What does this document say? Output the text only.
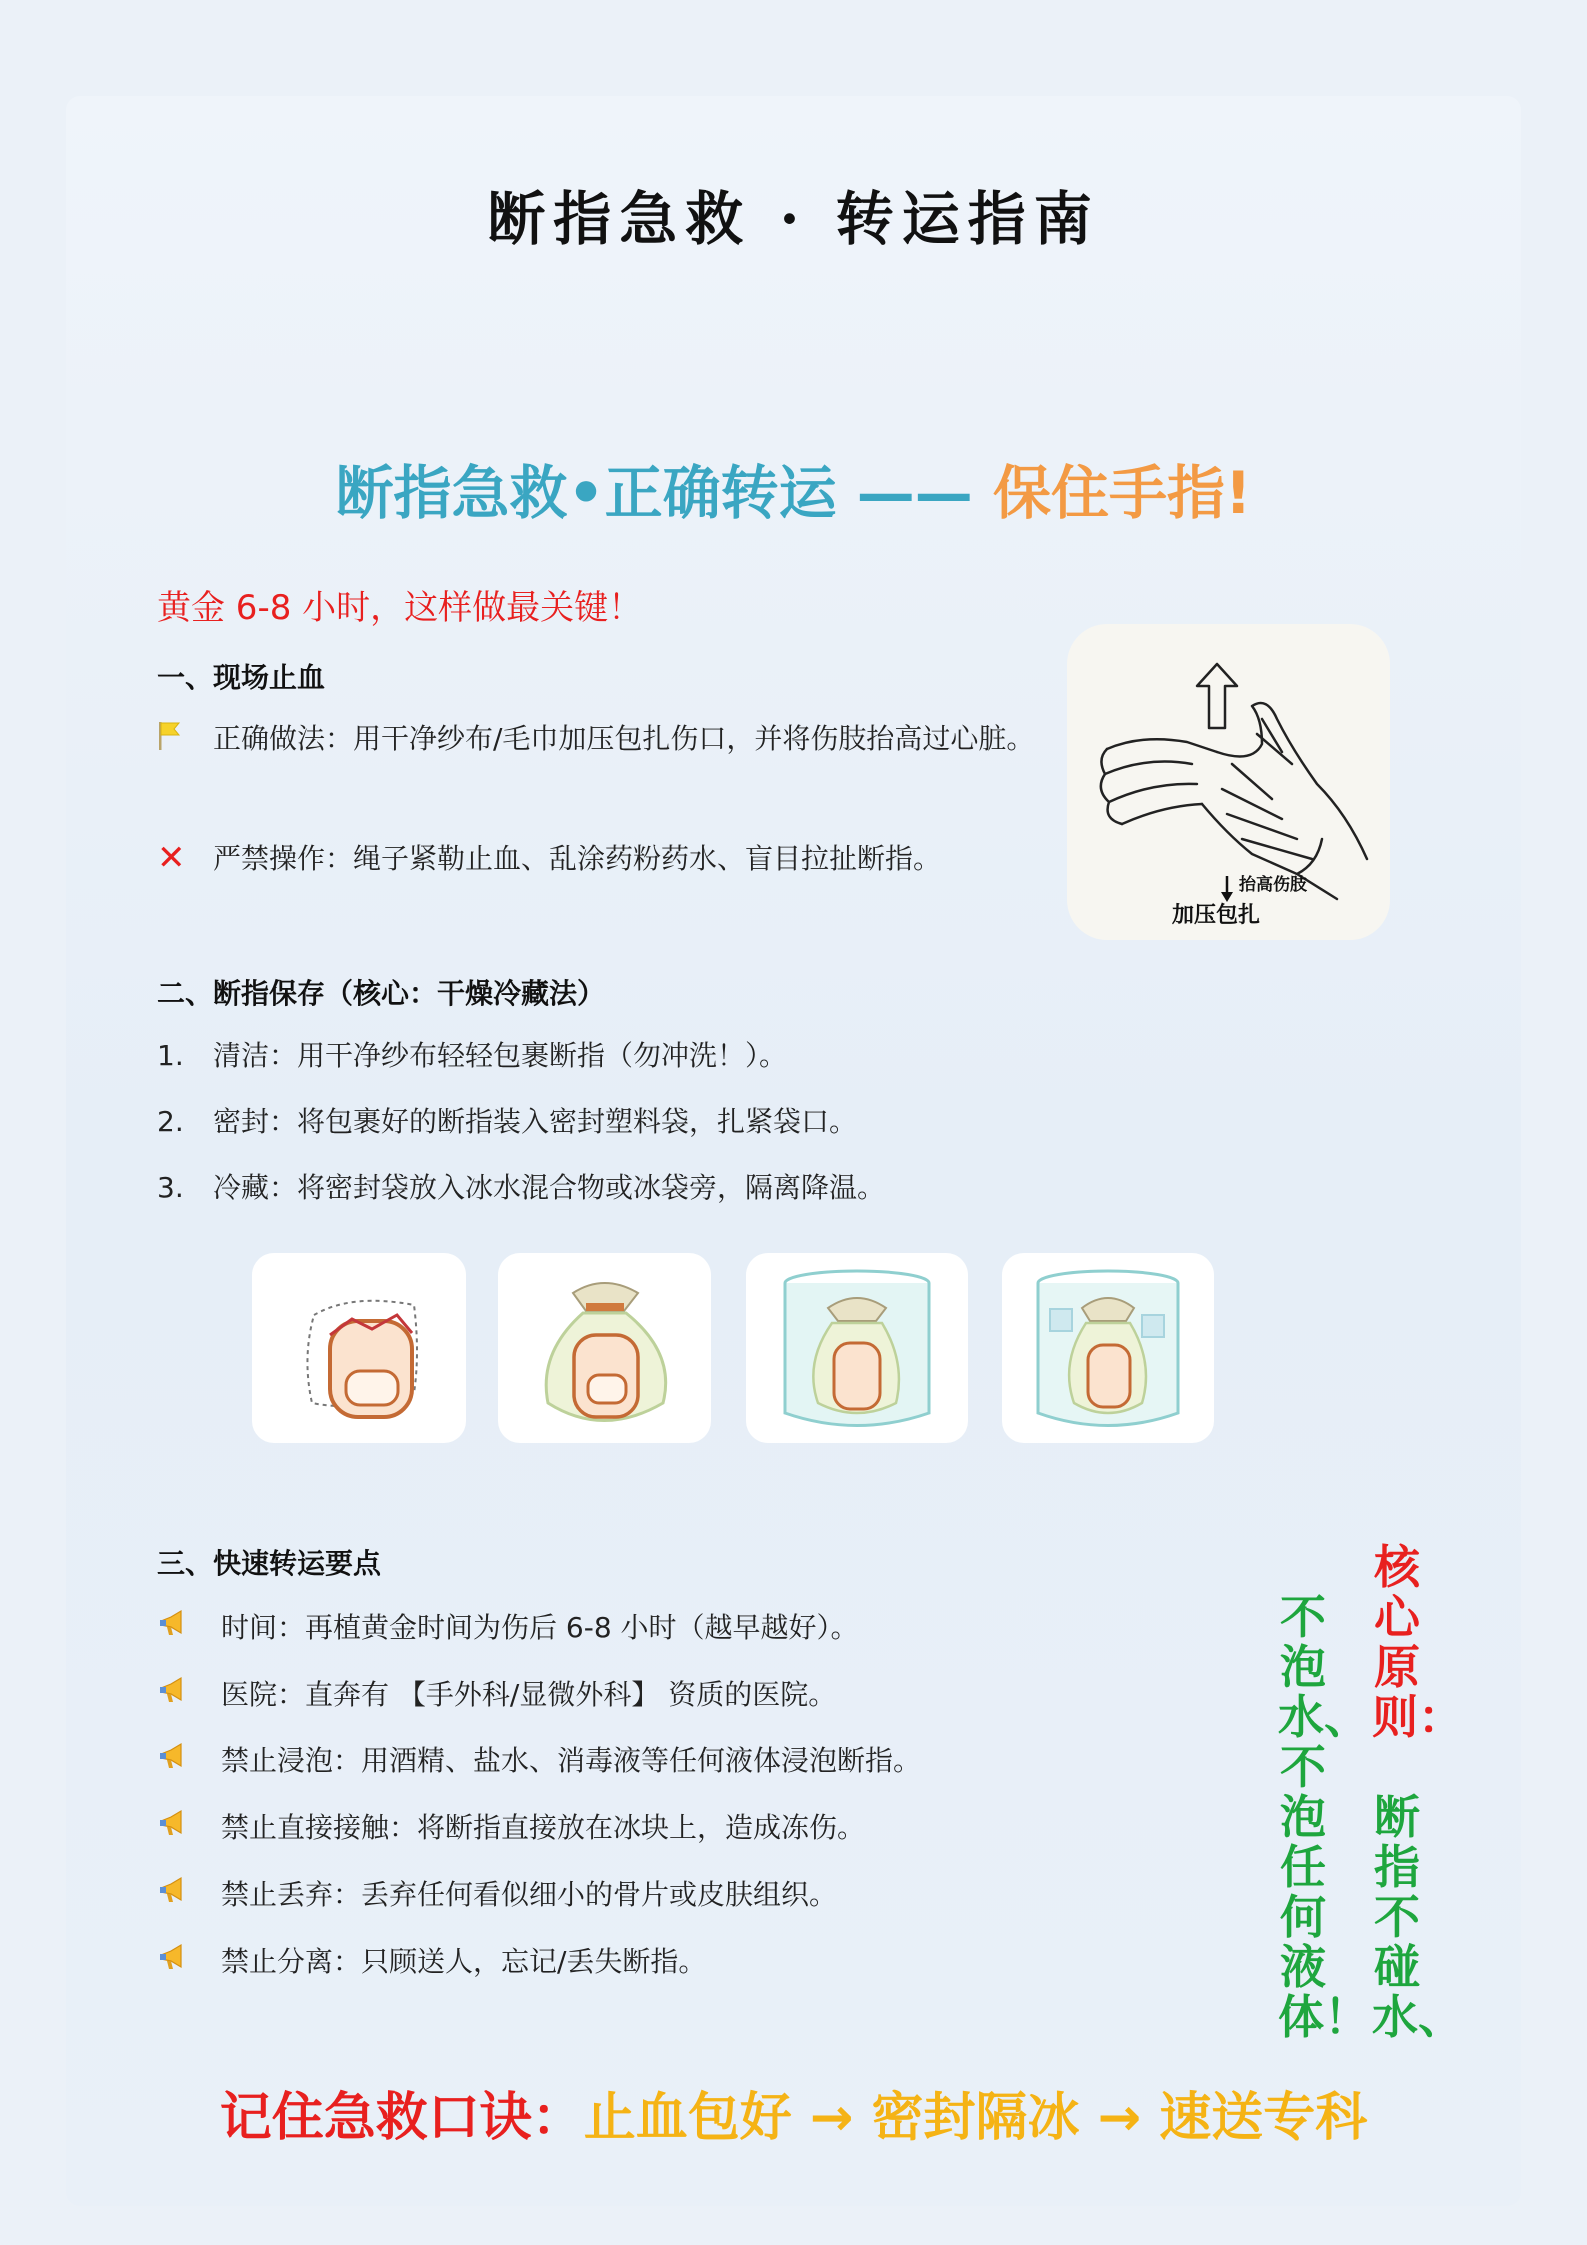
断指急救 · 转运指南
断指急救•正确转运 —— 保住手指!
黄金 6-8 小时，这样做最关键！
一、现场止血
正确做法：用干净纱布/毛巾加压包扎伤口，并将伤肢抬高过心脏。
✕ 严禁操作：绳子紧勒止血、乱涂药粉药水、盲目拉扯断指。
抬高伤肢
加压包扎
二、断指保存（核心：干燥冷藏法）
1. 清洁：用干净纱布轻轻包裹断指（勿冲洗！）。
2. 密封：将包裹好的断指装入密封塑料袋，扎紧袋口。
3. 冷藏：将密封袋放入冰水混合物或冰袋旁，隔离降温。
三、快速转运要点
时间：再植黄金时间为伤后 6-8 小时（越早越好）。
医院：直奔有 【手外科/显微外科】 资质的医院。
禁止浸泡：用酒精、盐水、消毒液等任何液体浸泡断指。
禁止直接接触：将断指直接放在冰块上，造成冻伤。
禁止丢弃：丢弃任何看似细小的骨片或皮肤组织。
禁止分离：只顾送人，忘记/丢失断指。
不泡水、不泡任何液体！
核心原则：
断指不碰水、
记住急救口诀：止血包好 → 密封隔冰 → 速送专科
